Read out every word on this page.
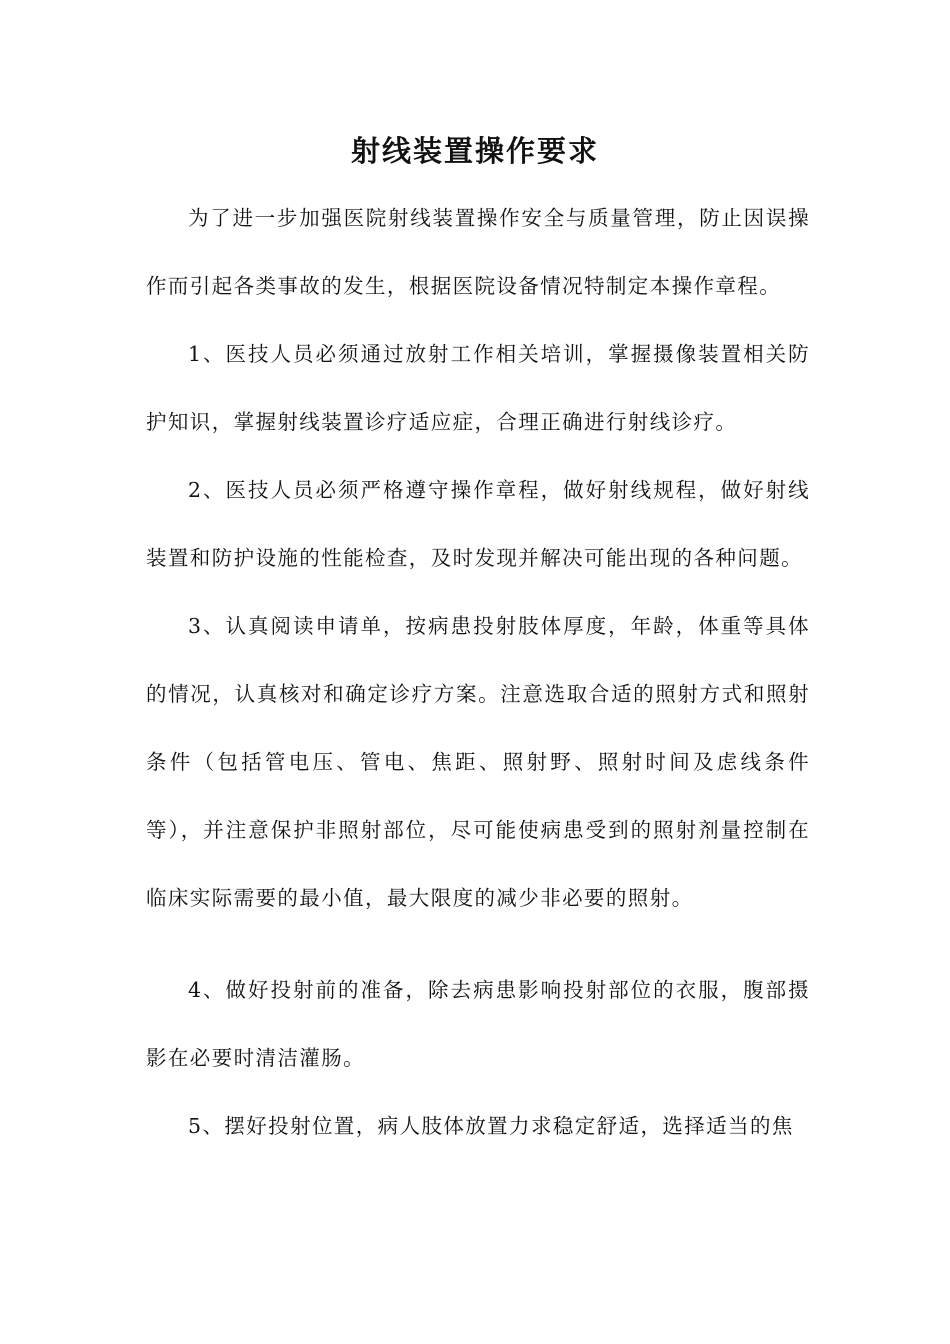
射线装置操作要求

为了进一步加强医院射线装置操作安全与质量管理，防止因误操作而引起各类事故的发生，根据医院设备情况特制定本操作章程。

1、医技人员必须通过放射工作相关培训，掌握摄像装置相关防护知识，掌握射线装置诊疗适应症，合理正确进行射线诊疗。

2、医技人员必须严格遵守操作章程，做好射线规程，做好射线装置和防护设施的性能检查，及时发现并解决可能出现的各种问题。

3、认真阅读申请单，按病患投射肢体厚度，年龄，体重等具体的情况，认真核对和确定诊疗方案。注意选取合适的照射方式和照射条件（包括管电压、管电、焦距、照射野、照射时间及虑线条件等），并注意保护非照射部位，尽可能使病患受到的照射剂量控制在临床实际需要的最小值，最大限度的减少非必要的照射。

4、做好投射前的准备，除去病患影响投射部位的衣服，腹部摄影在必要时清洁灌肠。

5、摆好投射位置，病人肢体放置力求稳定舒适，选择适当的焦
